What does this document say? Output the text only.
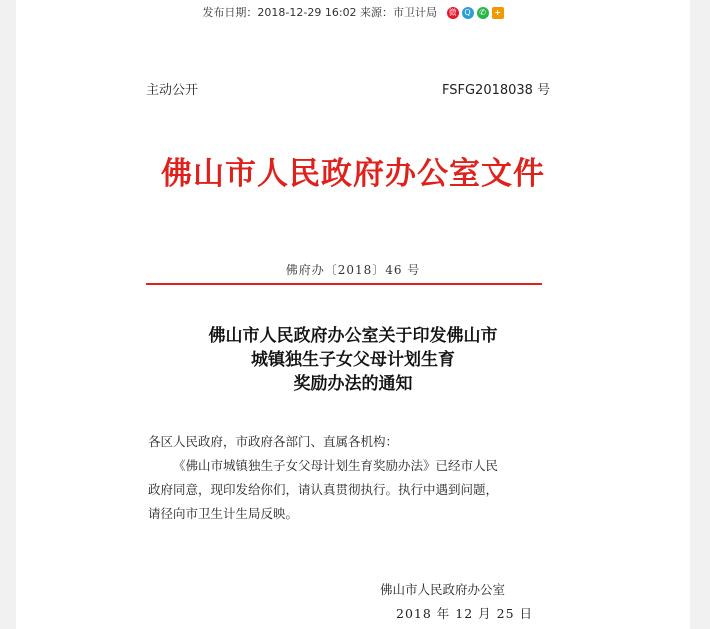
发布日期：2018-12-29 16:02 来源：市卫计局 微 Q	✆	+
主动公开	FSFG2018038 号
佛山市人民政府办公室文件
佛府办〔2018〕46 号
佛山市人民政府办公室关于印发佛山市
城镇独生子女父母计划生育
奖励办法的通知

各区人民政府，市政府各部门、直属各机构：

《佛山市城镇独生子女父母计划生育奖励办法》已经市人民

政府同意，现印发给你们，请认真贯彻执行。执行中遇到问题，

请径向市卫生计生局反映。

佛山市人民政府办公室
2018 年 12 月 25 日
